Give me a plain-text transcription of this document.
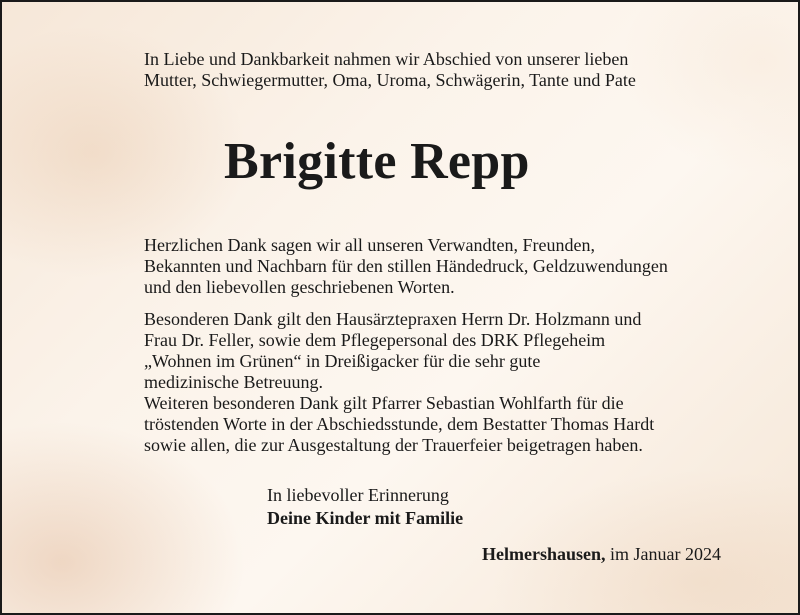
In Liebe und Dankbarkeit nahmen wir Abschied von unserer lieben
Mutter, Schwiegermutter, Oma, Uroma, Schwägerin, Tante und Pate
Brigitte Repp
Herzlichen Dank sagen wir all unseren Verwandten, Freunden,
Bekannten und Nachbarn für den stillen Händedruck, Geldzuwendungen
und den liebevollen geschriebenen Worten.
Besonderen Dank gilt den Hausärztepraxen Herrn Dr. Holzmann und
Frau Dr. Feller, sowie dem Pflegepersonal des DRK Pflegeheim
„Wohnen im Grünen“ in Dreißigacker für die sehr gute
medizinische Betreuung.
Weiteren besonderen Dank gilt Pfarrer Sebastian Wohlfarth für die
tröstenden Worte in der Abschiedsstunde, dem Bestatter Thomas Hardt
sowie allen, die zur Ausgestaltung der Trauerfeier beigetragen haben.
In liebevoller Erinnerung
Deine Kinder mit Familie
Helmershausen, im Januar 2024
